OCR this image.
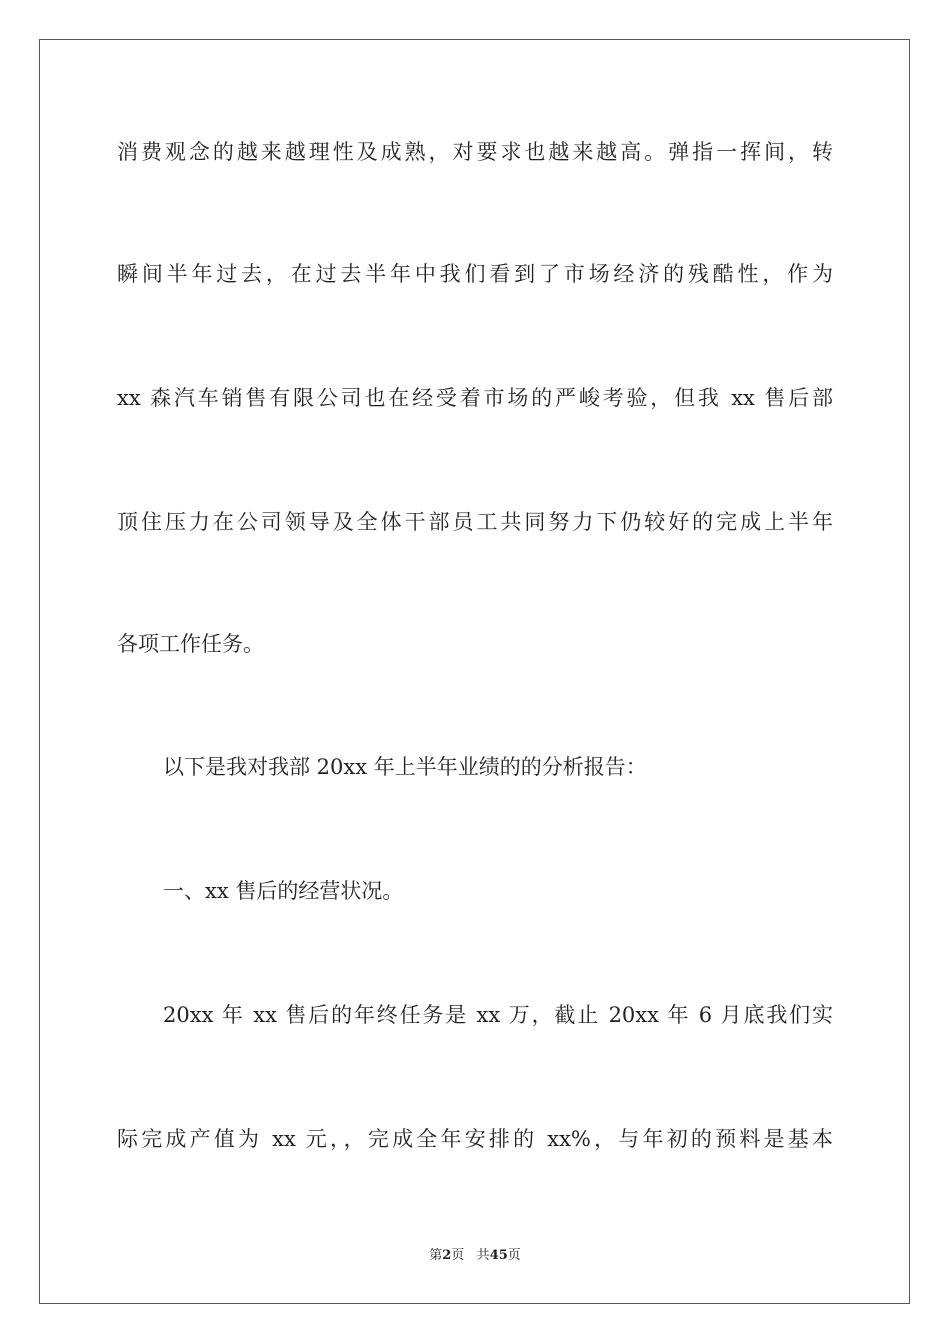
消费观念的越来越理性及成熟，对要求也越来越高。弹指一挥间，转
瞬间半年过去，在过去半年中我们看到了市场经济的残酷性，作为
xx 森汽车销售有限公司也在经受着市场的严峻考验，但我 xx 售后部
顶住压力在公司领导及全体干部员工共同努力下仍较好的完成上半年
各项工作任务。
以下是我对我部 20xx 年上半年业绩的的分析报告：
一、xx 售后的经营状况。
20xx 年 xx 售后的年终任务是 xx 万，截止 20xx 年 6 月底我们实
际完成产值为 xx 元，，完成全年安排的 xx%，与年初的预料是基本
第2页 共45页
